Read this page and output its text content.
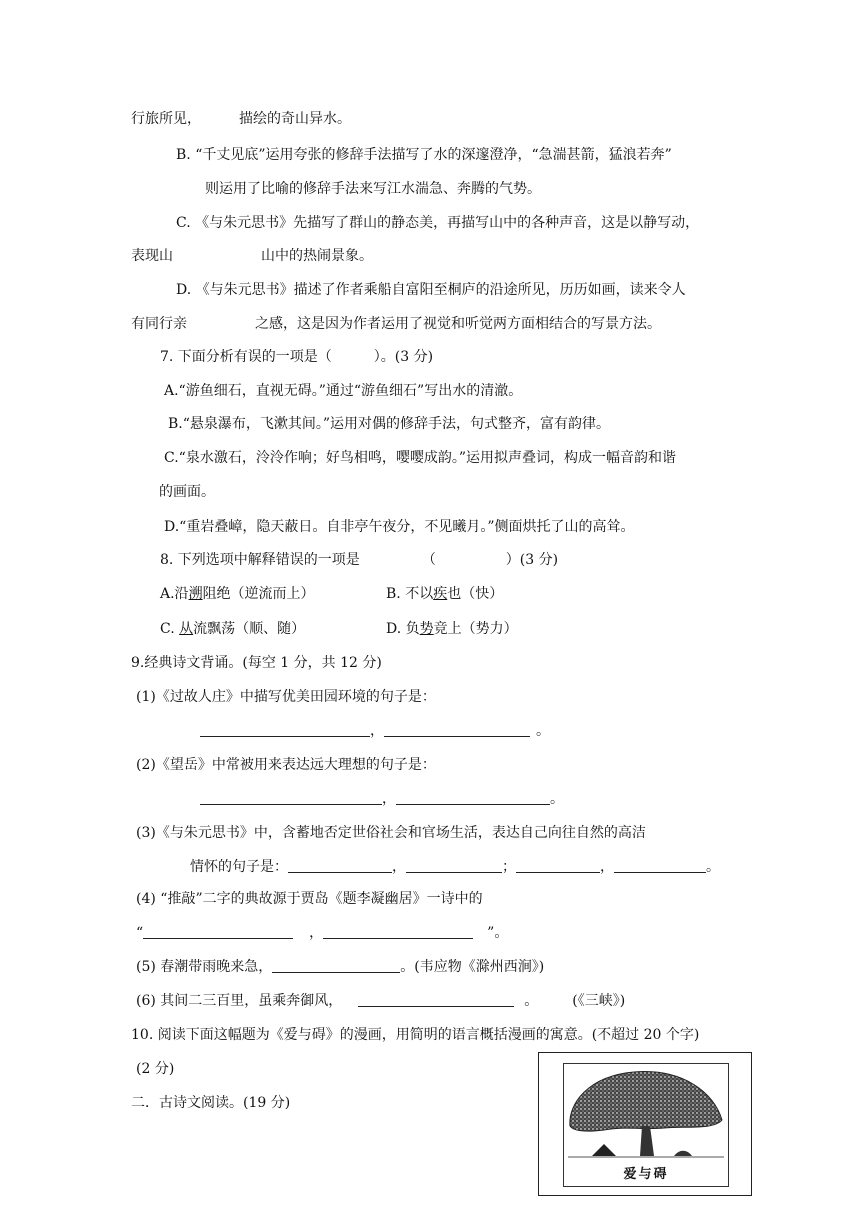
行旅所见，	描绘的奇山异水。
B. “千丈见底”运用夸张的修辞手法描写了水的深邃澄净，“急湍甚箭，猛浪若奔”
则运用了比喻的修辞手法来写江水湍急、奔腾的气势。
C. 《与朱元思书》先描写了群山的静态美，再描写山中的各种声音，这是以静写动，
表现山	山中的热闹景象。
D. 《与朱元思书》描述了作者乘船自富阳至桐庐的沿途所见，历历如画，读来令人
有同行亲	之感，这是因为作者运用了视觉和听觉两方面相结合的写景方法。
7. 下面分析有误的一项是（　　　）。(3 分)
A.“游鱼细石，直视无碍。”通过“游鱼细石”写出水的清澈。
B.“悬泉瀑布，飞漱其间。”运用对偶的修辞手法，句式整齐，富有韵律。
C.“泉水激石，泠泠作响；好鸟相鸣，嘤嘤成韵。”运用拟声叠词，构成一幅音韵和谐
的画面。
D.“重岩叠嶂，隐天蔽日。自非亭午夜分，不见曦月。”侧面烘托了山的高耸。
8. 下列选项中解释错误的一项是	（　　　　　）(3 分)
A.沿溯阻绝（逆流而上）	B. 不以疾也（快）
C. 从流飘荡（顺、随）	D. 负势竞上（势力）
9.经典诗文背诵。(每空 1 分，共 12 分)
(1)《过故人庄》中描写优美田园环境的句子是：
，	。
(2)《望岳》中常被用来表达远大理想的句子是：
，	。
(3)《与朱元思书》中，含蓄地否定世俗社会和官场生活，表达自己向往自然的高洁
情怀的句子是：	，	；	，	。
(4) “推敲”二字的典故源于贾岛《题李凝幽居》一诗中的
“	，	”。
(5) 春潮带雨晚来急，	。(韦应物《滁州西涧》)
(6) 其间二三百里，虽乘奔御风，	。 (《三峡》)
10. 阅读下面这幅题为《爱与碍》的漫画，用简明的语言概括漫画的寓意。(不超过 20 个字)
(2 分)
二．古诗文阅读。(19 分)
爱与碍
